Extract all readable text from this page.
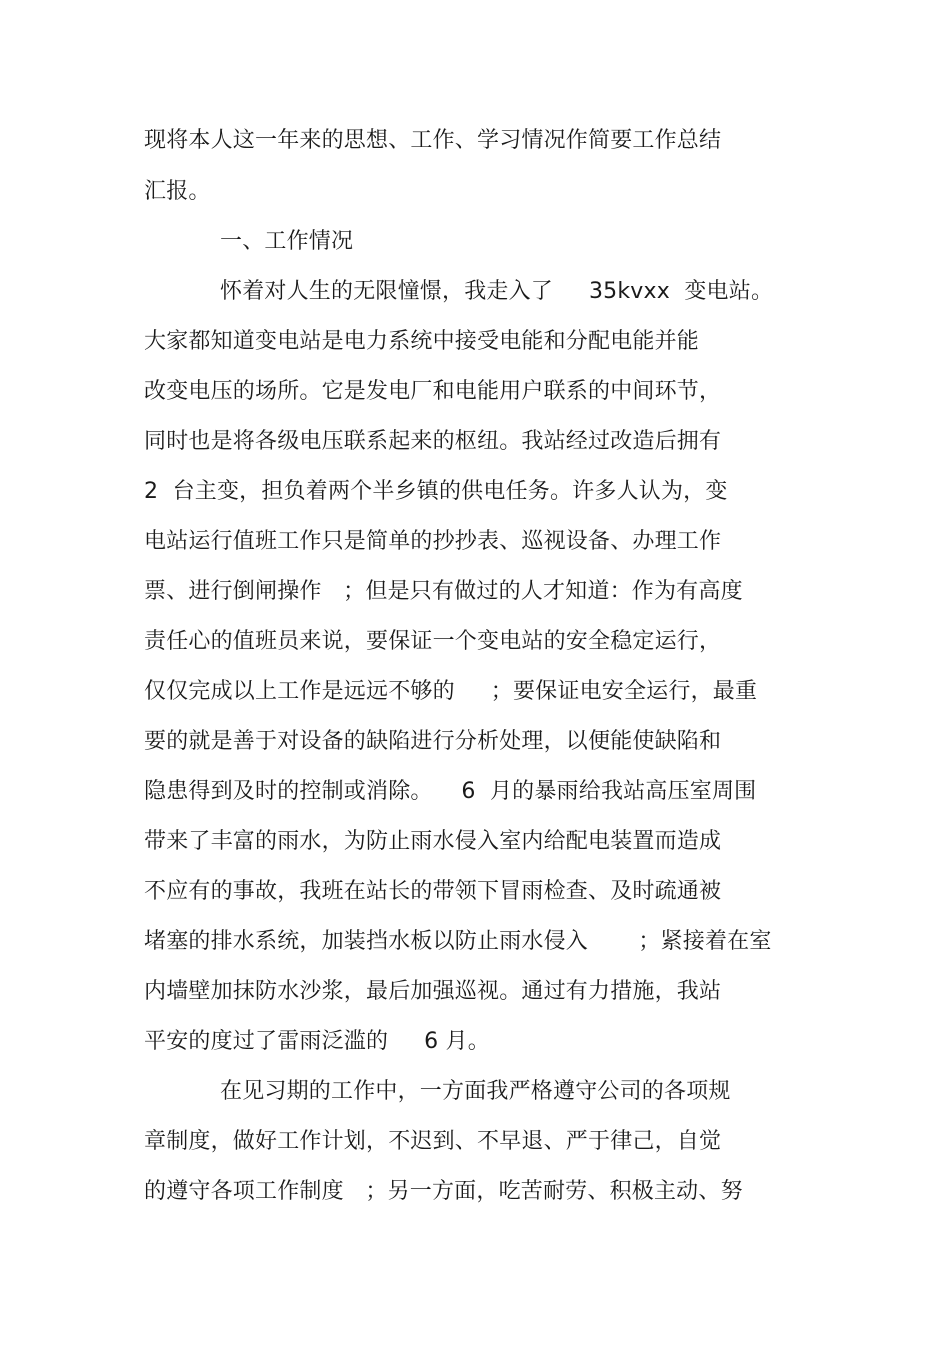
现将本人这一年来的思想、工作、学习情况作简要工作总结
汇报。
一、工作情况
怀着对人生的无限憧憬，我走入了     35kvxx  变电站。
大家都知道变电站是电力系统中接受电能和分配电能并能
改变电压的场所。它是发电厂和电能用户联系的中间环节，
同时也是将各级电压联系起来的枢纽。我站经过改造后拥有
2  台主变，担负着两个半乡镇的供电任务。许多人认为，变
电站运行值班工作只是简单的抄抄表、巡视设备、办理工作
票、进行倒闸操作   ；但是只有做过的人才知道：作为有高度
责任心的值班员来说，要保证一个变电站的安全稳定运行，
仅仅完成以上工作是远远不够的     ；要保证电安全运行，最重
要的就是善于对设备的缺陷进行分析处理，以便能使缺陷和
隐患得到及时的控制或消除。    6  月的暴雨给我站高压室周围
带来了丰富的雨水，为防止雨水侵入室内给配电装置而造成
不应有的事故，我班在站长的带领下冒雨检查、及时疏通被
堵塞的排水系统，加装挡水板以防止雨水侵入       ；紧接着在室
内墙壁加抹防水沙浆，最后加强巡视。通过有力措施，我站
平安的度过了雷雨泛滥的     6 月。
在见习期的工作中，一方面我严格遵守公司的各项规
章制度，做好工作计划，不迟到、不早退、严于律己，自觉
的遵守各项工作制度   ；另一方面，吃苦耐劳、积极主动、努
